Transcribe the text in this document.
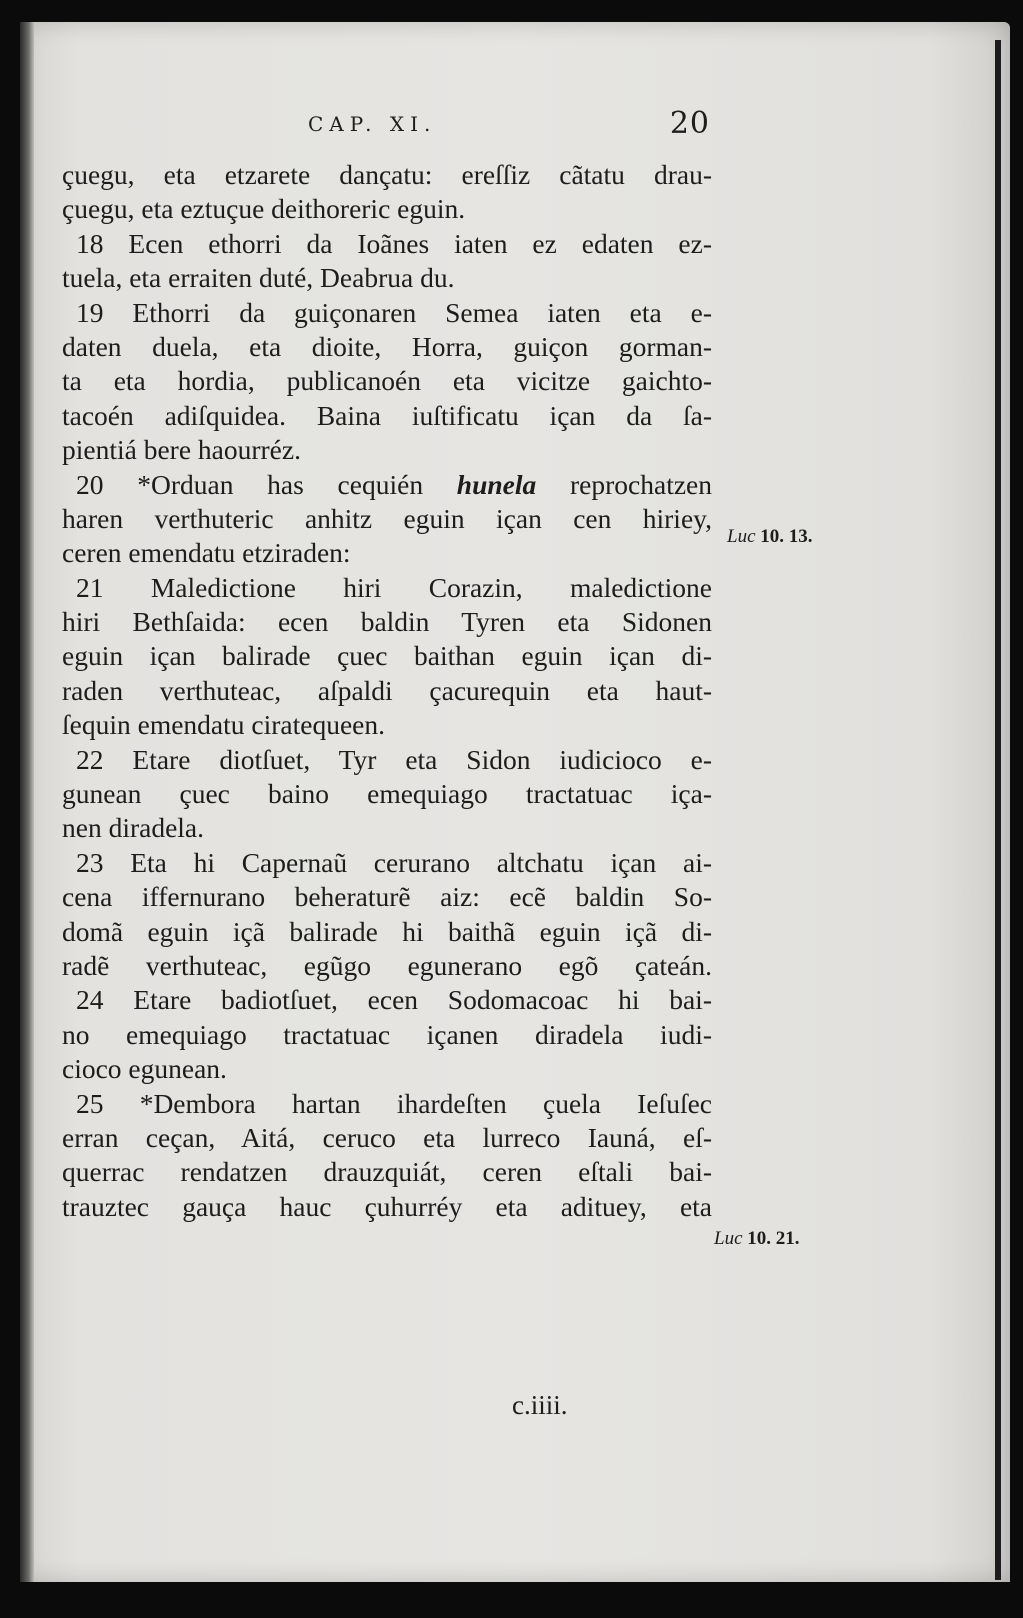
CAP. XI.	20
çuegu, eta etzarete dançatu: ereſſiz cãtatu drau-
çuegu, eta eztuçue deithoreric eguin.
18 Ecen ethorri da Ioãnes iaten ez edaten ez-
tuela, eta erraiten duté, Deabrua du.
19 Ethorri da guiçonaren Semea iaten eta e-
daten duela, eta dioite, Horra, guiçon gorman-
ta eta hordia, publicanoén eta vicitze gaichto-
tacoén adiſquidea. Baina iuſtificatu içan da ſa-
pientiá bere haourréz.
20 *Orduan has cequién hunela reprochatzen
haren verthuteric anhitz eguin içan cen hiriey,
ceren emendatu etziraden:
21 Maledictione hiri Corazin, maledictione
hiri Bethſaida: ecen baldin Tyren eta Sidonen
eguin içan balirade çuec baithan eguin içan di-
raden verthuteac, aſpaldi çacurequin eta haut-
ſequin emendatu ciratequeen.
22 Etare diotſuet, Tyr eta Sidon iudicioco e-
gunean çuec baino emequiago tractatuac iça-
nen diradela.
23 Eta hi Capernaũ cerurano altchatu içan ai-
cena iffernurano beheraturẽ aiz: ecẽ baldin So-
domã eguin içã balirade hi baithã eguin içã di-
radẽ verthuteac, egũgo egunerano egõ çateán.
24 Etare badiotſuet, ecen Sodomacoac hi bai-
no emequiago tractatuac içanen diradela iudi-
cioco egunean.
25 *Dembora hartan ihardeſten çuela Ieſuſec
erran ceçan, Aitá, ceruco eta lurreco Iauná, eſ-
querrac rendatzen drauzquiát, ceren eſtali bai-
trauztec gauça hauc çuhurréy eta adituey, eta
Luc 10. 13.
Luc 10. 21.
c.iiii.
